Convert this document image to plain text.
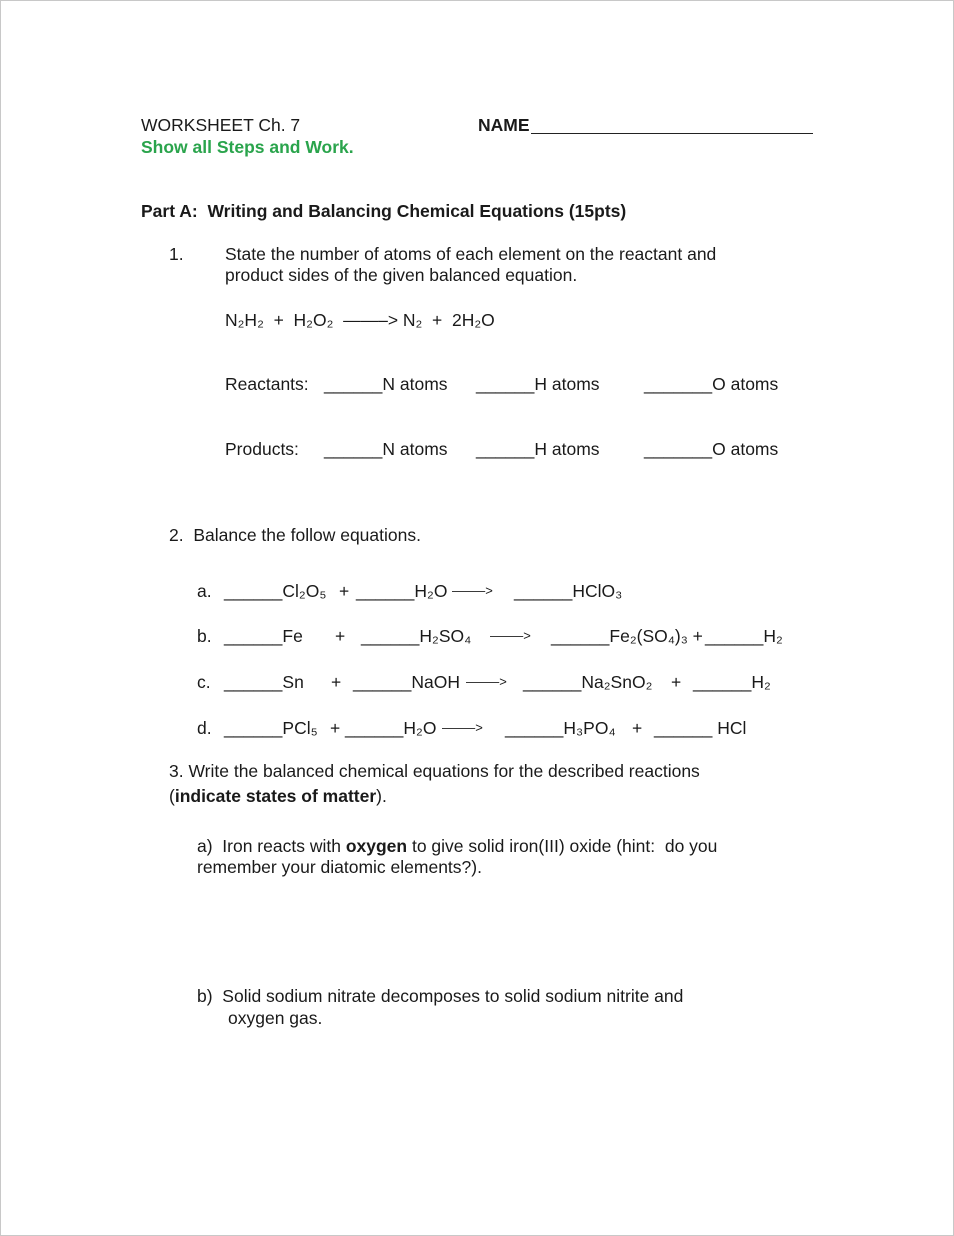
WORKSHEET Ch. 7	NAME
Show all Steps and Work.
Part A:  Writing and Balancing Chemical Equations (15pts)
1. State the number of atoms of each element on the reactant and
product sides of the given balanced equation.
N₂H₂  +  H₂O₂  ——–> N₂  +  2H₂O
Reactants: ______N atoms ______H atoms	_______O atoms
Products: ______N atoms ______H atoms	_______O atoms
2.  Balance the follow equations.
a. ______Cl₂O₅ + ______H₂O ——–> ______HClO₃
b. ______Fe + ______H₂SO₄ ——–> ______Fe₂(SO₄)₃ + ______H₂
c. ______Sn + ______NaOH ——–> ______Na₂SnO₂ + ______H₂
d. ______PCl₅ + ______H₂O ——–> ______H₃PO₄ + ______ HCl
3. Write the balanced chemical equations for the described reactions
(indicate states of matter).
a)  Iron reacts with oxygen to give solid iron(III) oxide (hint:  do you
remember your diatomic elements?).
b)  Solid sodium nitrate decomposes to solid sodium nitrite and
oxygen gas.
